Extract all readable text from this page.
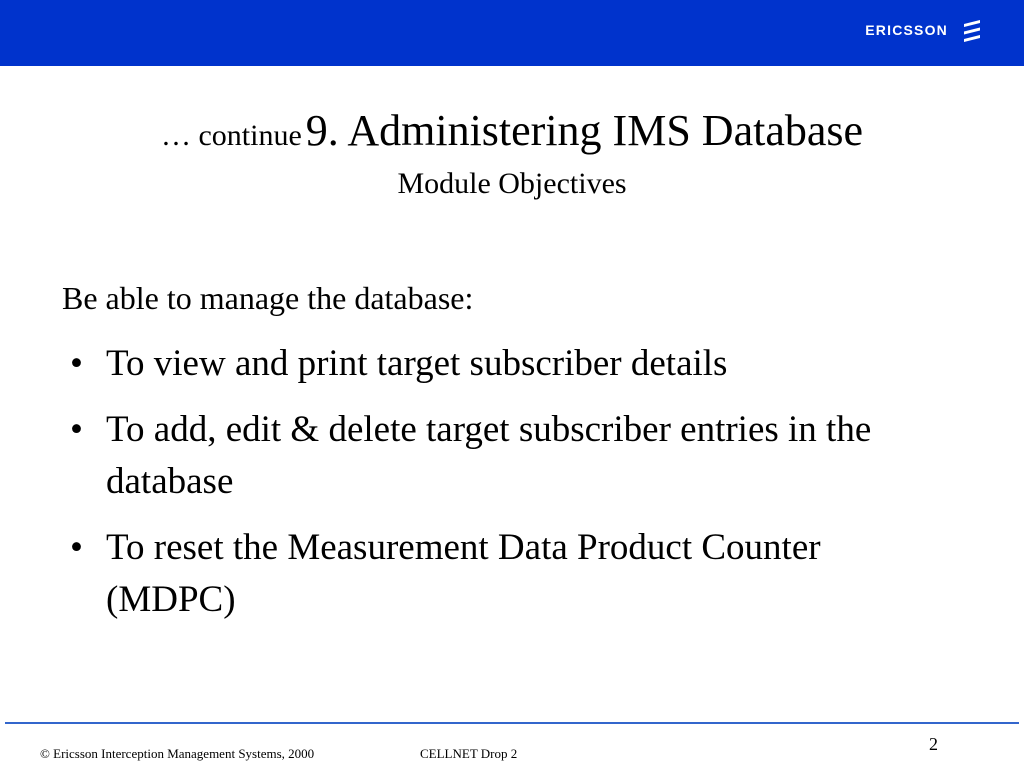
ERICSSON
… continue 9. Administering IMS Database
Module Objectives
Be able to manage the database:
• To view and print target subscriber details
• To add, edit & delete target subscriber entries in the database
• To reset the Measurement Data Product Counter (MDPC)
© Ericsson Interception Management Systems, 2000	CELLNET Drop 2	2
